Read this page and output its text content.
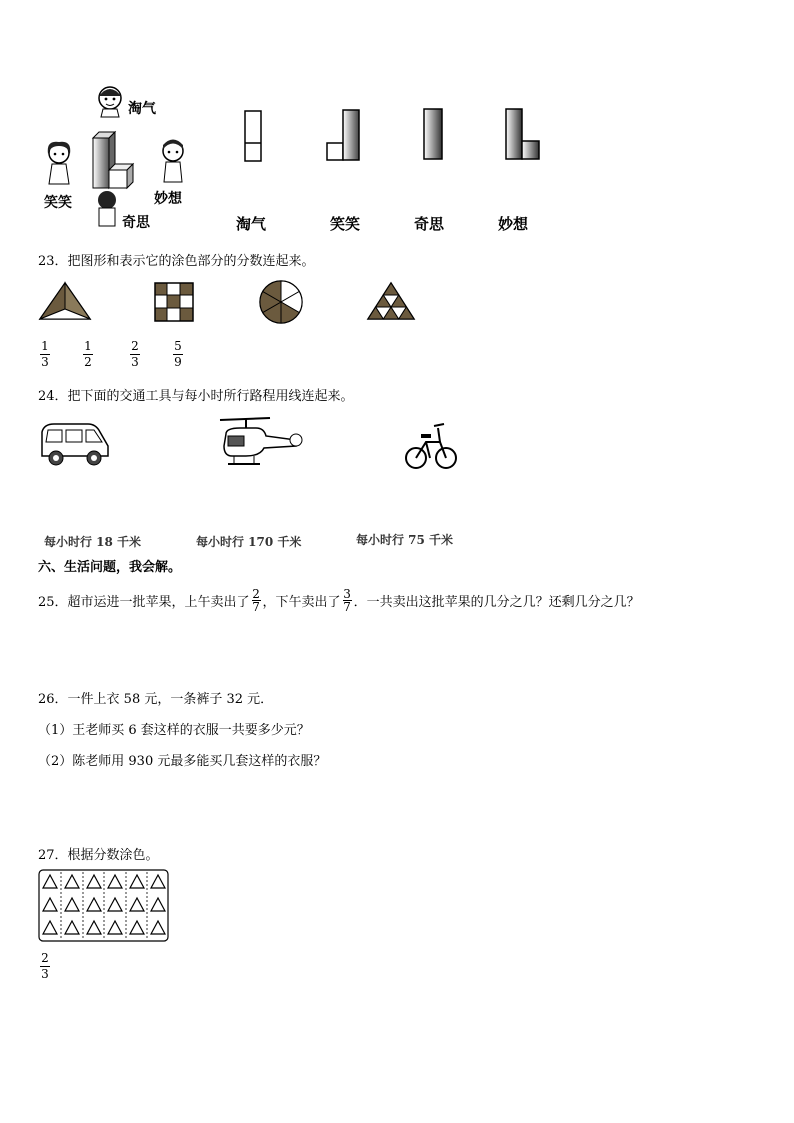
淘气
笑笑	妙想
奇思	淘气	笑笑	奇思	妙想
23．把图形和表示它的涂色部分的分数连起来。
1
3
1
2
2
3
5
9
24．把下面的交通工具与每小时所行路程用线连起来。
每小时行 18 千米	每小时行 170 千米	每小时行 75 千米
六、生活问题，我会解。
25．超市运进一批苹果，上午卖出了
2
7 ，下午卖出了
3
7 ．一共卖出这批苹果的几分之几？还剩几分之几？
26．一件上衣 58 元，一条裤子 32 元．
（1）王老师买 6 套这样的衣服一共要多少元？
（2）陈老师用 930 元最多能买几套这样的衣服？
27．根据分数涂色。
2
3
